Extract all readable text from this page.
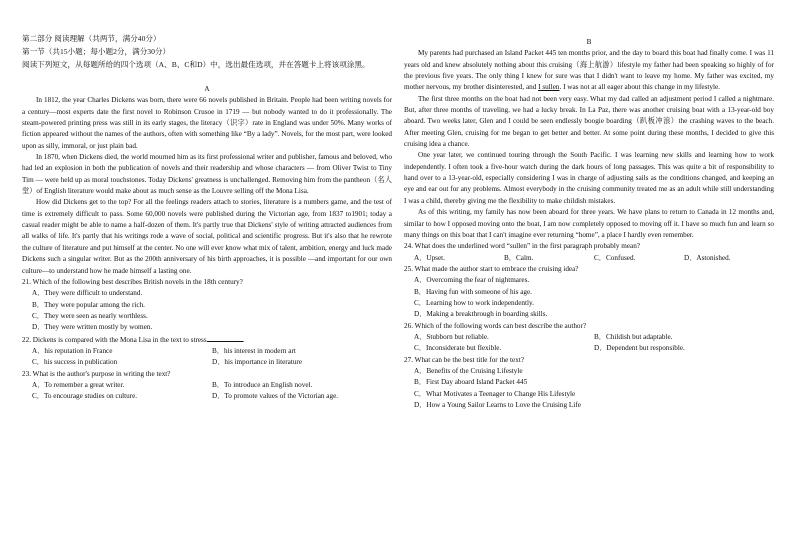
第二部分 阅读理解（共两节，满分40分）
第一节（共15小题；每小题2分，满分30分）
阅读下列短文，从每题所给的四个选项（A、B、C和D）中，选出最佳选项，并在答题卡上将该项涂黑。
A

In 1812, the year Charles Dickens was born, there were 66 novels published in Britain. People had been writing novels for a century—most experts date the first novel to Robinson Crusoe in 1719 — but nobody wanted to do it professionally. The steam-powered printing press was still in its early stages, the literacy（识字）rate in England was under 50%. Many works of fiction appeared without the names of the authors, often with something like “By a lady”. Novels, for the most part, were looked upon as silly, immoral, or just plain bad.

In 1870, when Dickens died, the world mourned him as its first professional writer and publisher, famous and beloved, who had led an explosion in both the publication of novels and their readership and whose characters — from Oliver Twist to Tiny Tim — were held up as moral touchstones. Today Dickens' greatness is unchallenged. Removing him from the pantheon（名人堂）of English literature would make about as much sense as the Louvre selling off the Mona Lisa.

How did Dickens get to the top? For all the feelings readers attach to stories, literature is a numbers game, and the test of time is extremely difficult to pass. Some 60,000 novels were published during the Victorian age, from 1837 to1901; today a casual reader might be able to name a half-dozen of them. It's partly true that Dickens' style of writing attracted audiences from all walks of life. It's partly that his writings rode a wave of social, political and scientific progress. But it's also that he rewrote the culture of literature and put himself at the center. No one will ever know what mix of talent, ambition, energy and luck made Dickens such a singular writer. But as the 200th anniversary of his birth approaches, it is possible —and important for our own culture—to understand how he made himself a lasting one.

21. Which of the following best describes British novels in the 18th century?
A．They were difficult to understand.
B．They were popular among the rich.
C．They were seen as nearly worthless.
D．They were written mostly by women.
22. Dickens is compared with the Mona Lisa in the text to stress	.
A．his reputation in France	B．his interest in modern art
C．his success in publication	D．his importance in literature
23. What is the author's purpose in writing the text?
A．To remember a great writer.	B．To introduce an English novel.
C．To encourage studies on culture.	D．To promote values of the Victorian age.
B

My parents had purchased an Island Packet 445 ten months prior, and the day to board this boat had finally come. I was 11 years old and knew absolutely nothing about this cruising（海上航游）lifestyle my father had been speaking so highly of for the previous five years. The only thing I knew for sure was that I didn't want to leave my home. My father was excited, my mother nervous, my brother disinterested, and I sullen. I was not at all eager about this change in my lifestyle.

The first three months on the boat had not been very easy. What my dad called an adjustment period I called a nightmare. But, after three months of traveling, we had a lucky break. In La Paz, there was another cruising boat with a 13-year-old boy aboard. Two weeks later, Glen and I could be seen endlessly boogie boarding（趴板冲浪）the crashing waves to the beach. After meeting Glen, cruising for me began to get better and better. At some point during these months, I decided to give this cruising idea a chance.

One year later, we continued touring through the South Pacific. I was learning new skills and learning how to work independently. I often took a five-hour watch during the dark hours of long passages. This was quite a bit of responsibility to hand over to a 13-year-old, especially considering I was in charge of adjusting sails as the conditions changed, and keeping an eye and ear out for any problems. Almost everybody in the cruising community treated me as an adult while still understanding I was a child, thereby giving me the flexibility to make childish mistakes.

As of this writing, my family has now been aboard for three years. We have plans to return to Canada in 12 months and, similar to how I opposed moving onto the boat, I am now completely opposed to moving off it. I have so much fun and learn so many things on this boat that I can't imagine ever returning “home”, a place I hardly even remember.

24. What does the underlined word “sullen” in the first paragraph probably mean?
A．Upset.	B．Calm.	C．Confused.	D．Astonished.
25. What made the author start to embrace the cruising idea?
A．Overcoming the fear of nightmares.
B．Having fun with someone of his age.
C．Learning how to work independently.
D．Making a breakthrough in boarding skills.
26. Which of the following words can best describe the author?
A．Stubborn but reliable.	B．Childish but adaptable.
C．Inconsiderate but flexible.	D．Dependent but responsible.
27. What can be the best title for the text?
A．Benefits of the Cruising Lifestyle
B．First Day aboard Island Packet 445
C．What Motivates a Teenager to Change His Lifestyle
D．How a Young Sailor Learns to Love the Cruising Life
